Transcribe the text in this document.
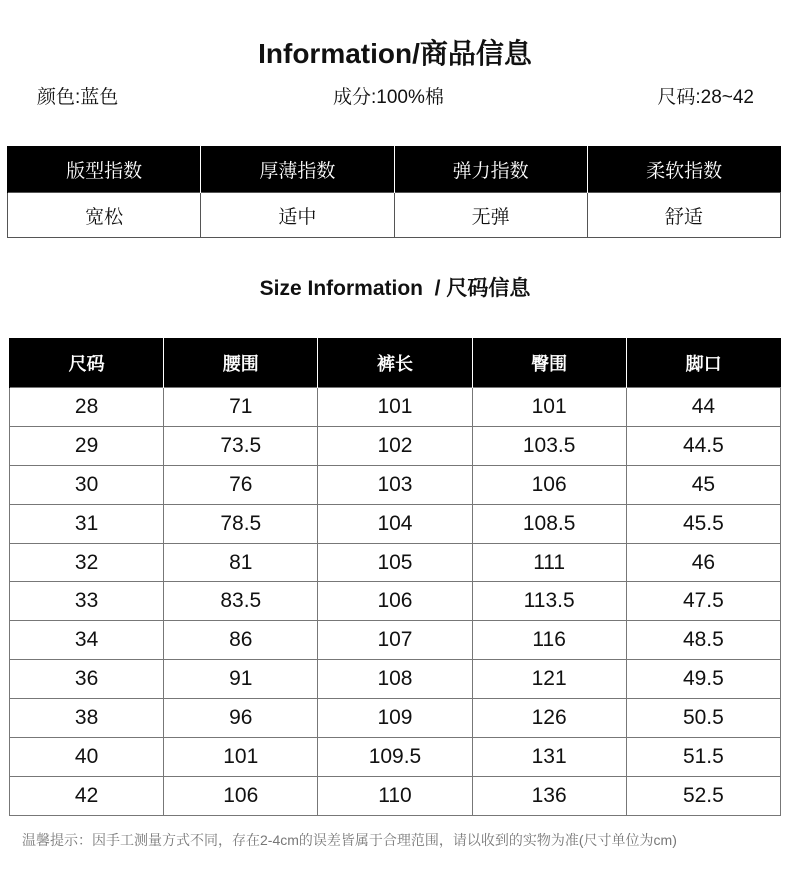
Information/商品信息
颜色:蓝色	成分:100%棉	尺码:28~42
版型指数	厚薄指数	弹力指数	柔软指数
宽松	适中	无弹	舒适
Size Information  / 尺码信息
尺码	腰围	裤长	臀围	脚口
28	71	101	101	44
29	73.5	102	103.5	44.5
30	76	103	106	45
31	78.5	104	108.5	45.5
32	81	105	111	46
33	83.5	106	113.5	47.5
34	86	107	116	48.5
36	91	108	121	49.5
38	96	109	126	50.5
40	101	109.5	131	51.5
42	106	110	136	52.5
温馨提示：因手工测量方式不同，存在2-4cm的误差皆属于合理范围，请以收到的实物为准(尺寸单位为cm)
